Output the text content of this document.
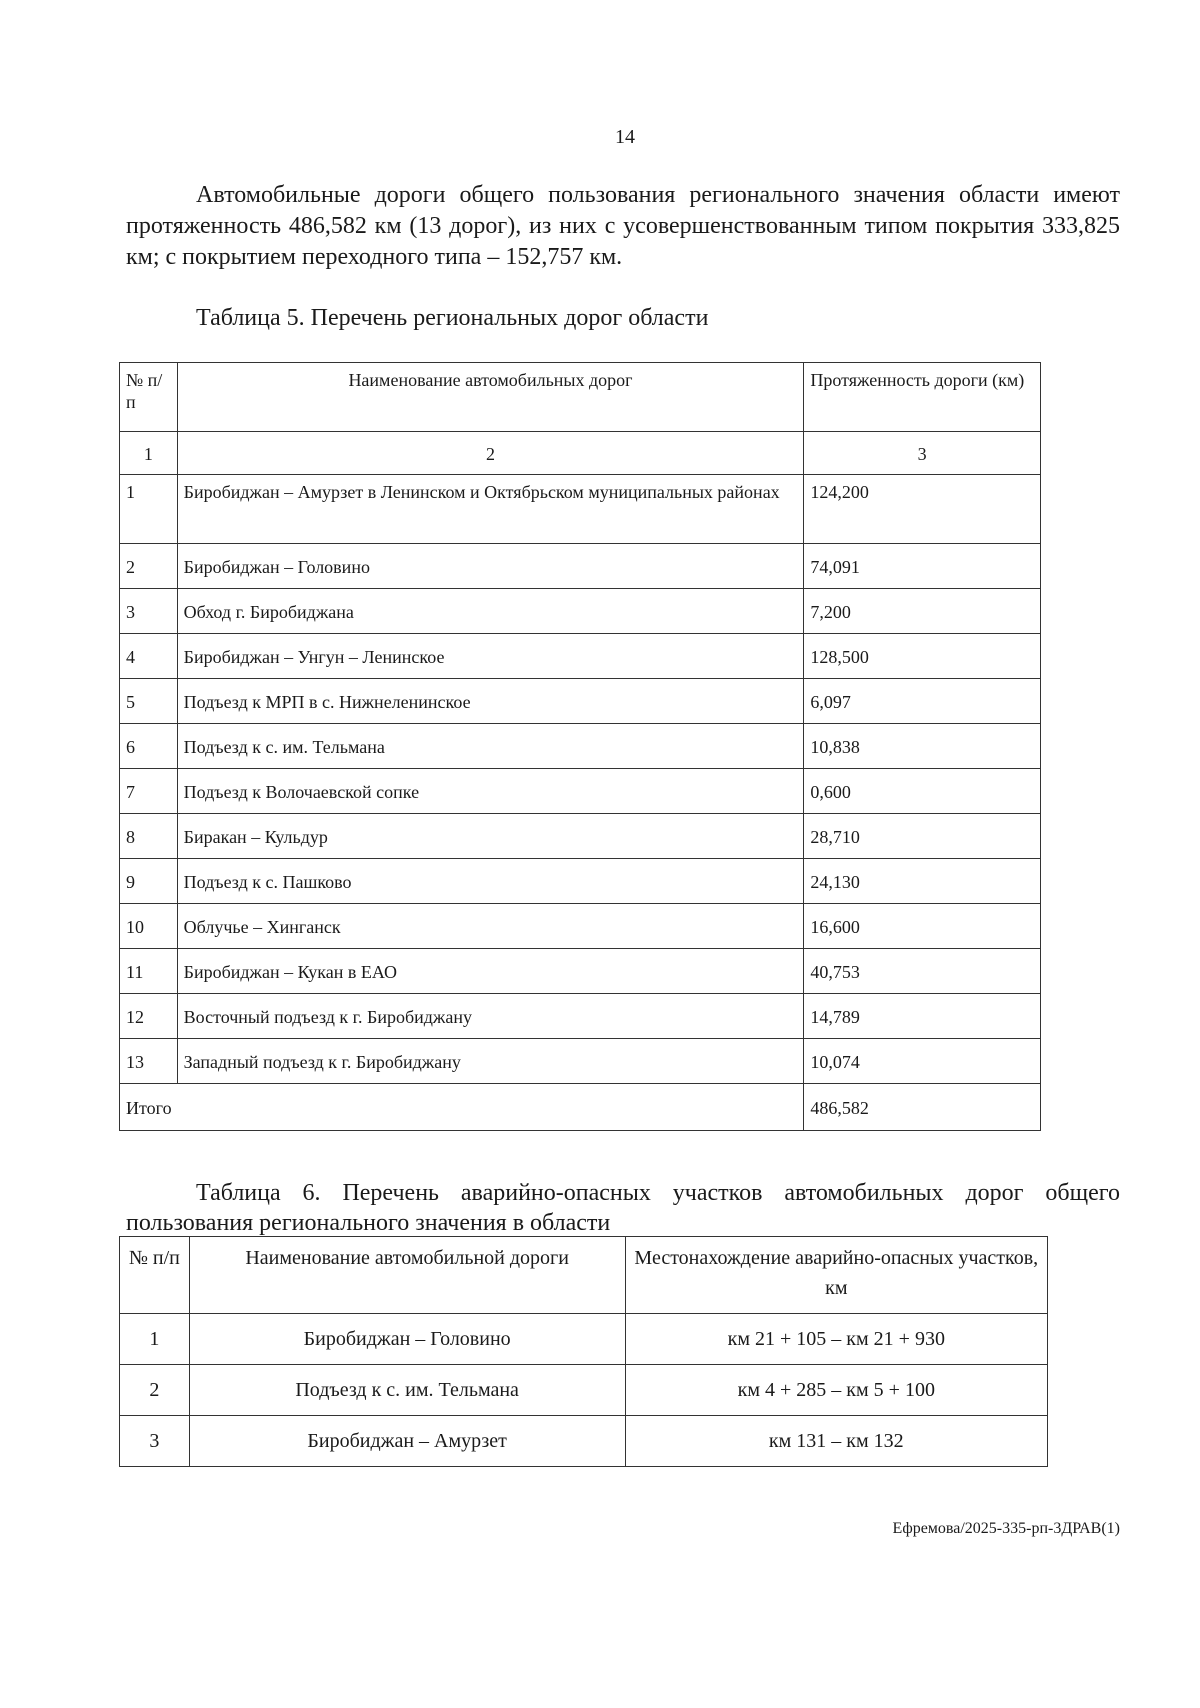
14

Автомобильные дороги общего пользования регионального значения области имеют протяженность 486,582 км (13 дорог), из них с усовершенствованным типом покрытия 333,825 км; с покрытием переходного типа – 152,757 км.

Таблица 5. Перечень региональных дорог области

№ п/п	Наименование автомобильных дорог	Протяженность дороги (км)
1	2	3
1	Биробиджан – Амурзет в Ленинском и Октябрьском муниципальных районах	124,200
2	Биробиджан – Головино	74,091
3	Обход г. Биробиджана	7,200
4	Биробиджан – Унгун – Ленинское	128,500
5	Подъезд к МРП в с. Нижнеленинское	6,097
6	Подъезд к с. им. Тельмана	10,838
7	Подъезд к Волочаевской сопке	0,600
8	Биракан – Кульдур	28,710
9	Подъезд к с. Пашково	24,130
10	Облучье – Хинганск	16,600
11	Биробиджан – Кукан в ЕАО	40,753
12	Восточный подъезд к г. Биробиджану	14,789
13	Западный подъезд к г. Биробиджану	10,074
Итого		486,582

Таблица 6. Перечень аварийно-опасных участков автомобильных дорог общего пользования регионального значения в области

№ п/п	Наименование автомобильной дороги	Местонахождение аварийно-опасных участков, км
1	Биробиджан – Головино	км 21 + 105 – км 21 + 930
2	Подъезд к с. им. Тельмана	км 4 + 285 – км 5 + 100
3	Биробиджан – Амурзет	км 131 – км 132
Ефремова/2025-335-рп-3ДРАВ(1)
